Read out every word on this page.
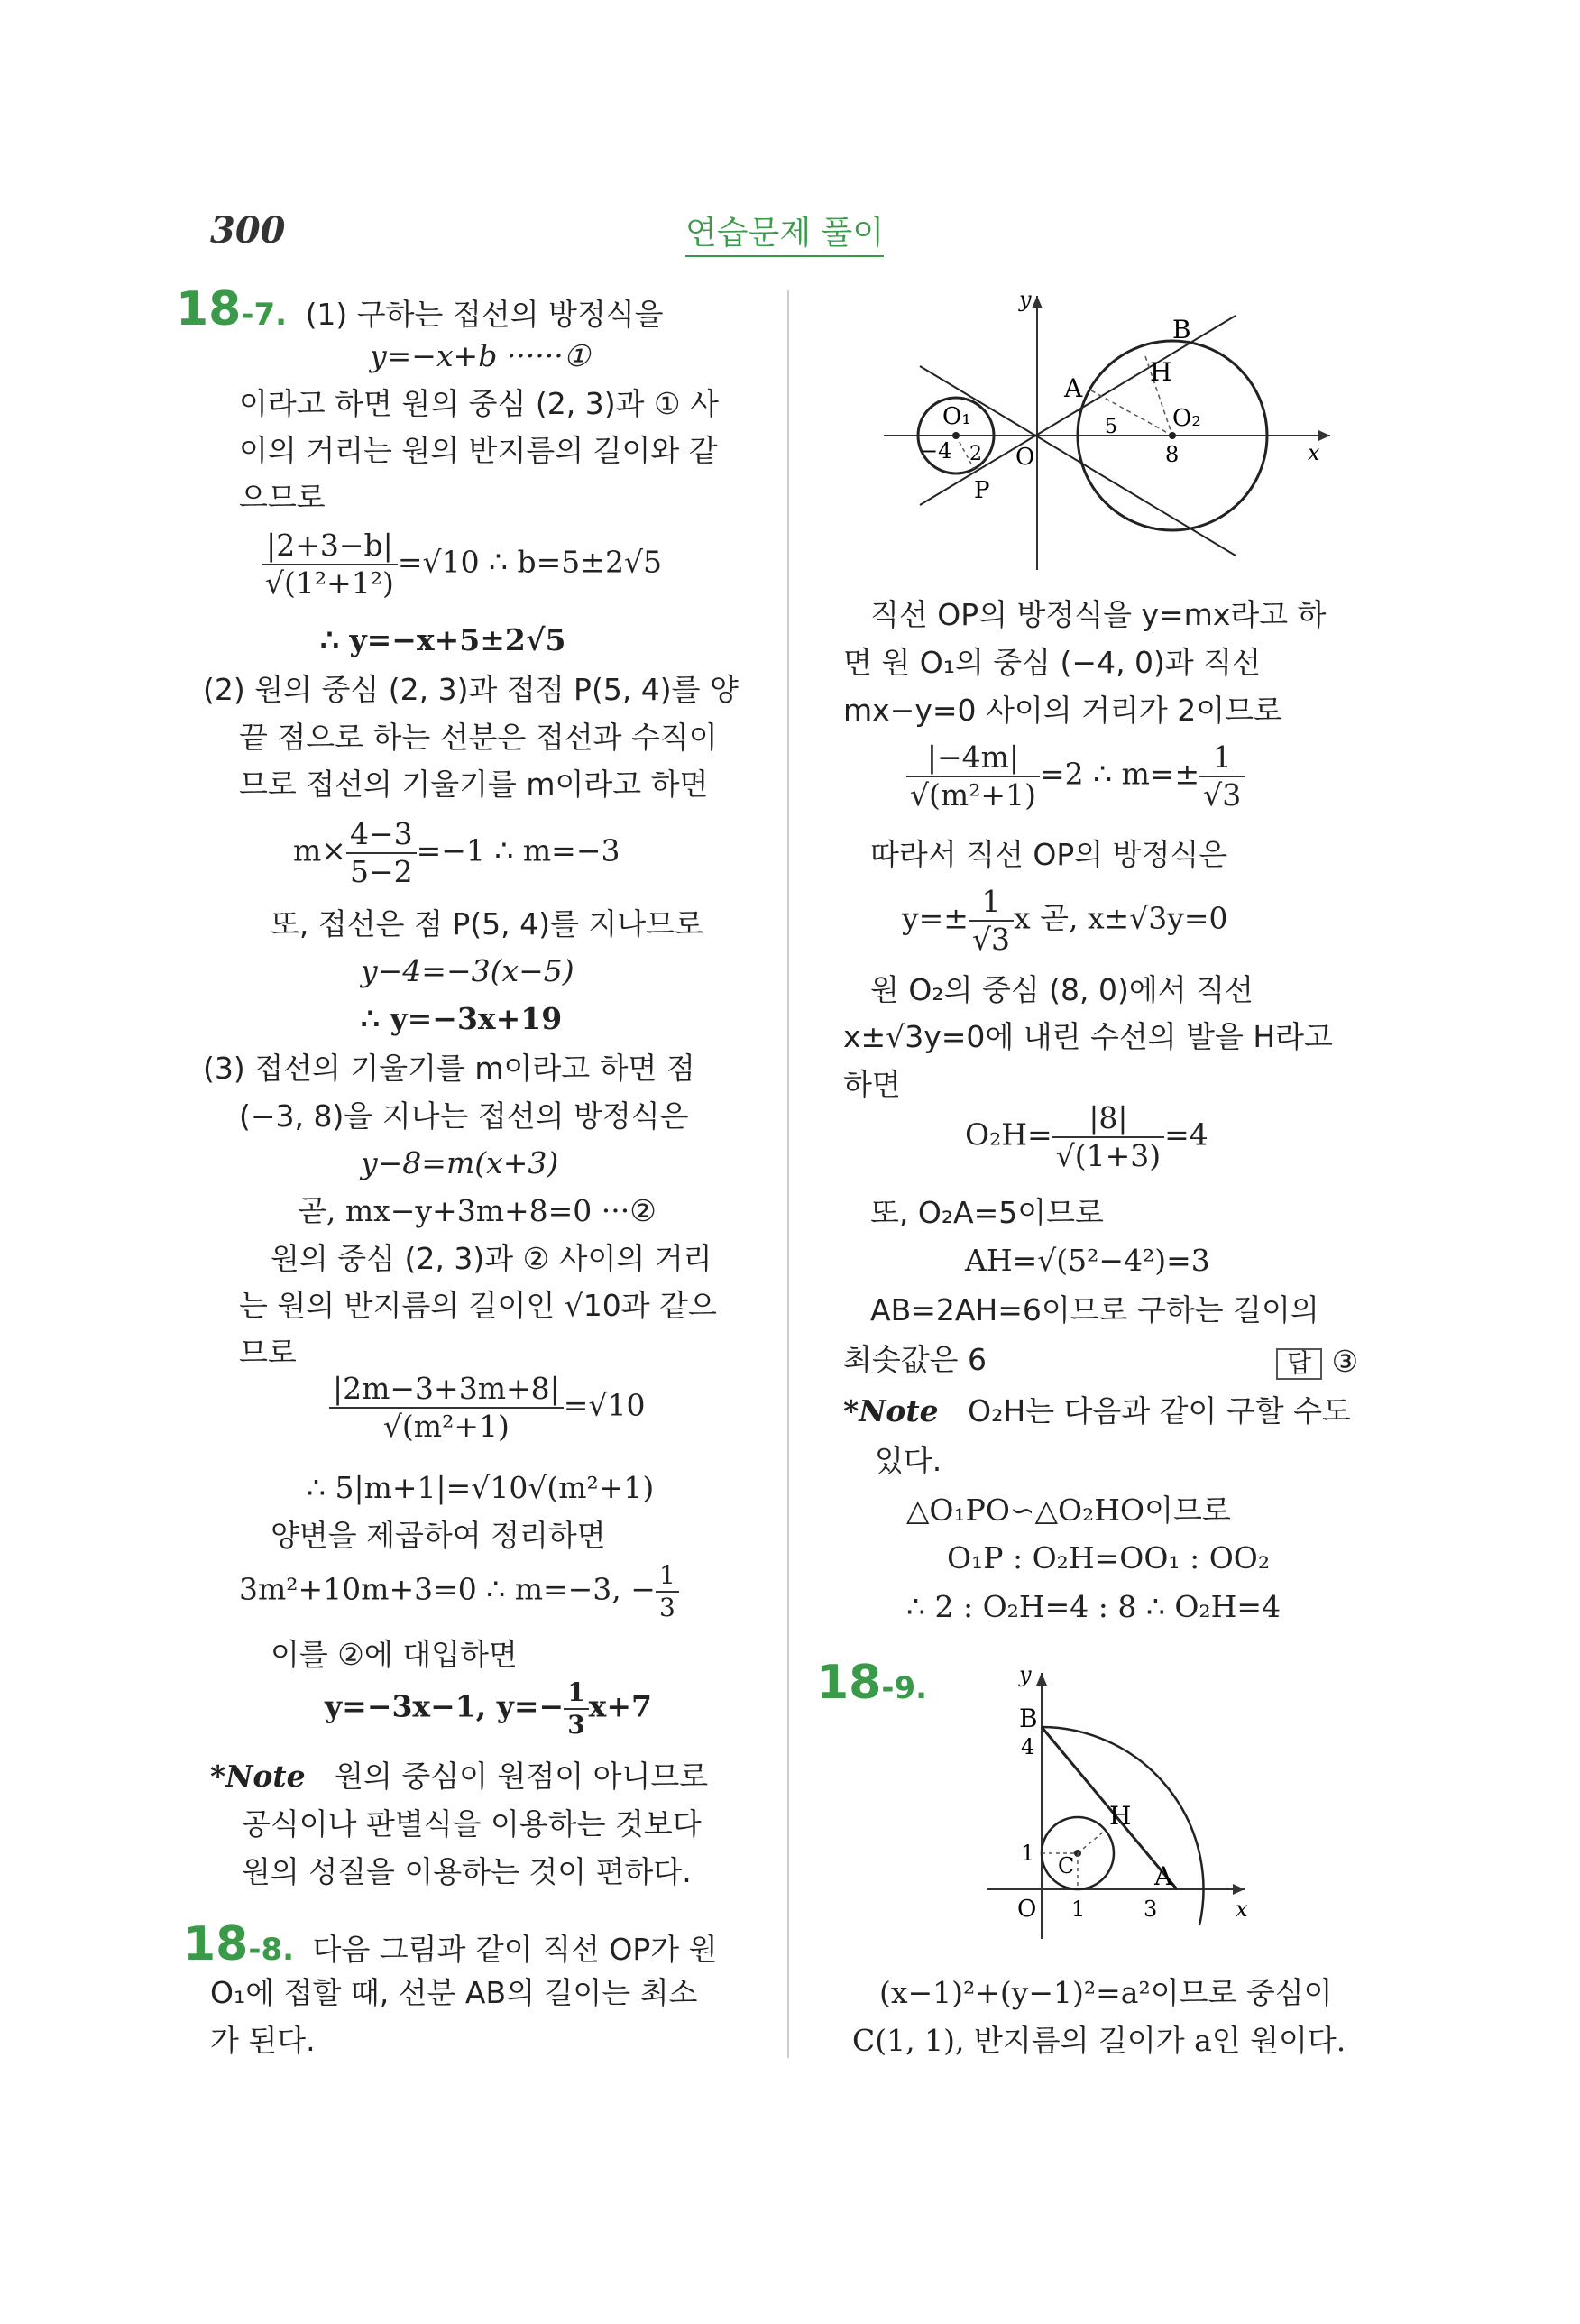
300	연습문제 풀이
18-7. (1) 구하는 접선의 방정식을
y=−x+b ······①
이라고 하면 원의 중심 (2, 3)과 ① 사
이의 거리는 원의 반지름의 길이와 같
으므로
$\frac{|2+3-b|}{\text{√(1²+1²)}} =√10$ ∴ b=5±2√5
∴ y=−x+5±2√5
(2) 원의 중심 (2, 3)과 접점 P(5, 4)를 양
끝 점으로 하는 선분은 접선과 수직이
므로 접선의 기울기를 m이라고 하면
$m\times \frac{4-3}{5-2} =-1$ ∴ m=−3
또, 접선은 점 P(5, 4)를 지나므로
y−4=−3(x−5)
∴ y=−3x+19
(3) 접선의 기울기를 m이라고 하면 점
(−3, 8)을 지나는 접선의 방정식은
y−8=m(x+3)
곧, mx−y+3m+8=0 ···②
원의 중심 (2, 3)과 ② 사이의 거리
는 원의 반지름의 길이인 √10과 같으
므로
$\frac{|2m-3+3m+8|}{\text{√(m²+1)}} =√10$
∴ 5|m+1|=√10√(m²+1)
양변을 제곱하여 정리하면
3m²+10m+3=0 ∴ m=−3, − $\frac{1}{3}$
이를 ②에 대입하면
y=−3x−1, $y=- \frac{1}{3} x+7$
*Note 원의 중심이 원점이 아니므로
공식이나 판별식을 이용하는 것보다
원의 성질을 이용하는 것이 편하다.
18-8. 다음 그림과 같이 직선 OP가 원
O₁에 접할 때, 선분 AB의 길이는 최소
가 된다.
y
x
B
A
H
O₁	O₂
O
P
−4 2
5
8
직선 OP의 방정식을 y=mx라고 하
면 원 O₁의 중심 (−4, 0)과 직선
mx−y=0 사이의 거리가 2이므로
$\frac{|-4m|}{\text{√(m²+1)}} =2$ ∴ $m=\pm \frac{1}{√3}$
따라서 직선 OP의 방정식은
$y=\pm \frac{1}{√3}$ x 곧, x±√3y=0
원 O₂의 중심 (8, 0)에서 직선
x±√3y=0에 내린 수선의 발을 H라고
하면
$O_2H= \frac{|8|}{√(1+3)} =4$
또, O₂A=5이므로
AH=√(5²−4²)=3
AB=2AH=6이므로 구하는 길이의
최솟값은 6	답 ③
*Note O₂H는 다음과 같이 구할 수도
있다.
△O₁PO∽△O₂HO이므로
O₁P : O₂H=OO₁ : OO₂
∴ 2 : O₂H=4 : 8 ∴ O₂H=4
18-9.	y
x
B
4
H
1 C	A
O 1	3
(x−1)²+(y−1)²=a²이므로 중심이
C(1, 1), 반지름의 길이가 a인 원이다.
